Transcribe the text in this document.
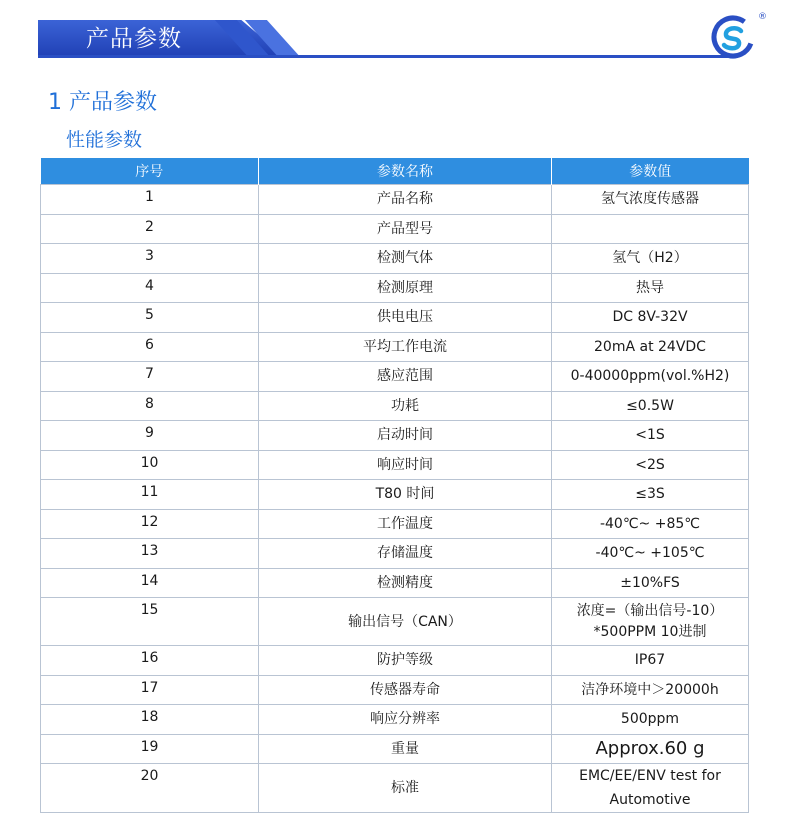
产品参数
®
1 产品参数
性能参数
序号	参数名称	参数值
1	产品名称	氢气浓度传感器

2	产品型号	

3	检测气体	氢气（H2）

4	检测原理	热导

5	供电电压	DC 8V-32V

6	平均工作电流	20mA at 24VDC

7	感应范围	0-40000ppm(vol.%H2)

8	功耗	≤0.5W

9	启动时间	<1S

10	响应时间	<2S

11	T80 时间	≤3S

12	工作温度	-40℃~ +85℃

13	存储温度	-40℃~ +105℃

14	检测精度	±10%FS

15	输出信号（CAN）	浓度=（输出信号-10）
*500PPM 10进制

16	防护等级	IP67

17	传感器寿命	洁净环境中＞20000h

18	响应分辨率	500ppm

19	重量	Approx.60 g

20	标准	EMC/EE/ENV test for
Automotive
